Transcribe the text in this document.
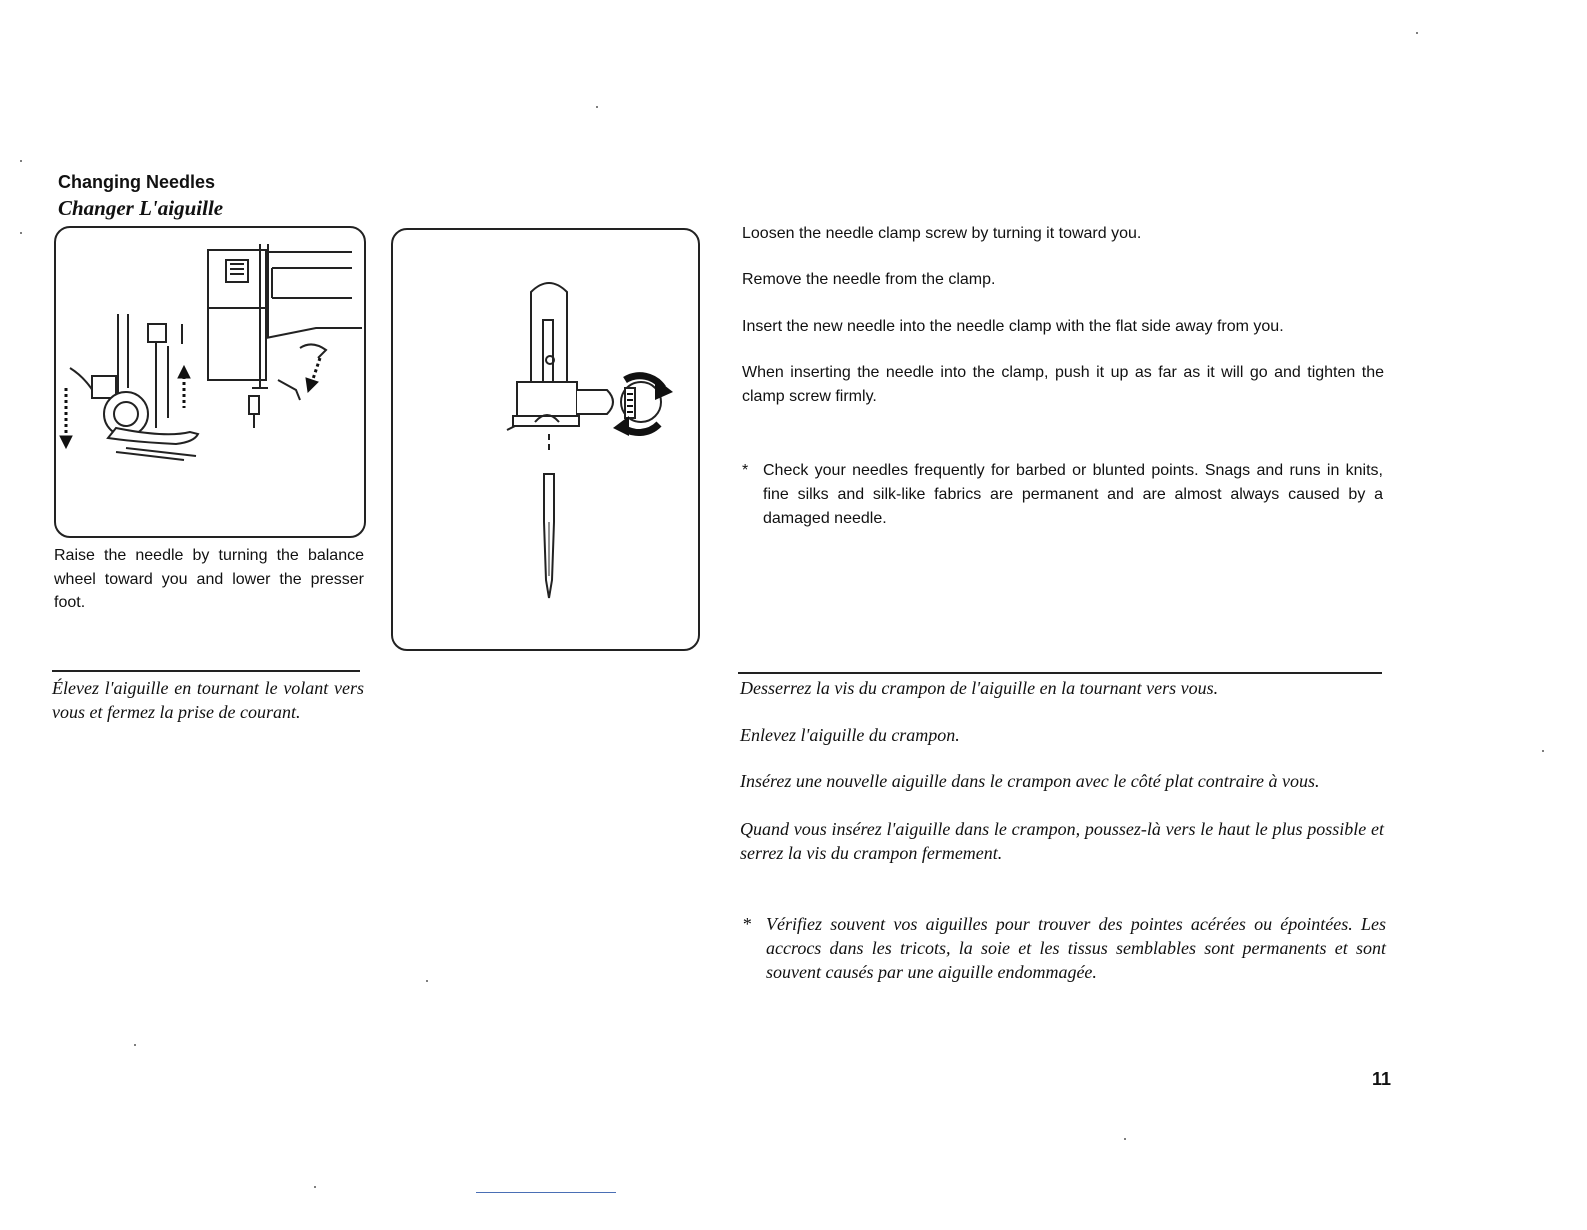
Changing Needles
Changer L'aiguille
Raise the needle by turning the balance wheel toward you and lower the presser foot.
Élevez l'aiguille en tournant le volant vers vous et fermez la prise de courant.

Loosen the needle clamp screw by turning it toward you.

Remove the needle from the clamp.

Insert the new needle into the needle clamp with the flat side away from you.

When inserting the needle into the clamp, push it up as far as it will go and tighten the clamp screw firmly.

* Check your needles frequently for barbed or blunted points. Snags and runs in knits, fine silks and silk-like fabrics are permanent and are almost always caused by a damaged needle.

Desserrez la vis du crampon de l'aiguille en la tournant vers vous.

Enlevez l'aiguille du crampon.

Insérez une nouvelle aiguille dans le crampon avec le côté plat contraire à vous.

Quand vous insérez l'aiguille dans le crampon, poussez-là vers le haut le plus possible et serrez la vis du crampon fermement.

* Vérifiez souvent vos aiguilles pour trouver des pointes acérées ou épointées. Les accrocs dans les tricots, la soie et les tissus semblables sont permanents et sont souvent causés par une aiguille endommagée.

11
